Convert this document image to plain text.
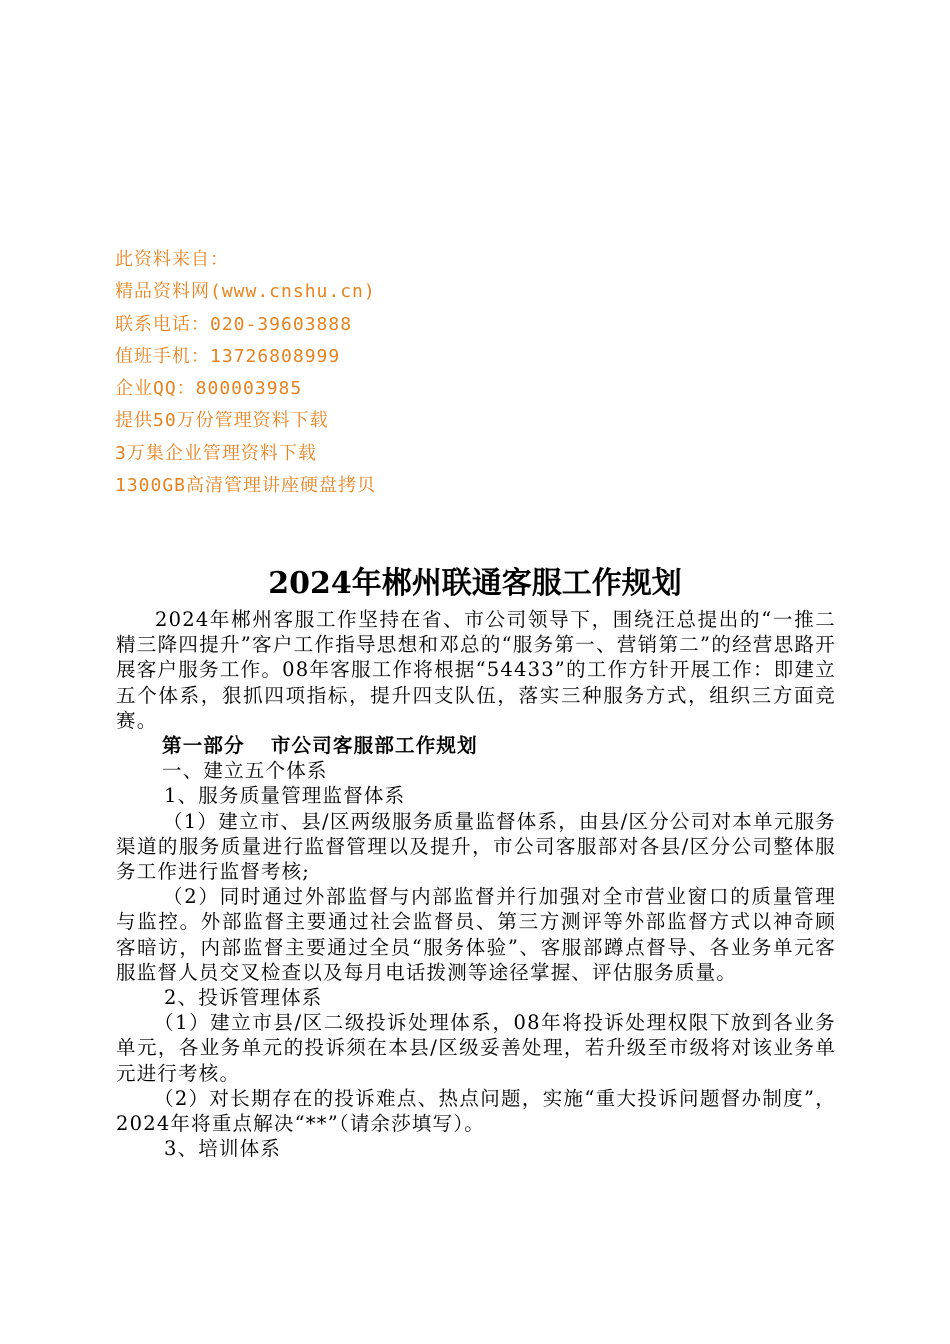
此资料来自：
精品资料网(www.cnshu.cn)
联系电话：020-39603888
值班手机：13726808999
企业QQ：800003985
提供50万份管理资料下载
3万集企业管理资料下载
1300GB高清管理讲座硬盘拷贝
2024年郴州联通客服工作规划

2024年郴州客服工作坚持在省、市公司领导下，围绕汪总提出的“一推二精三降四提升”客户工作指导思想和邓总的“服务第一、营销第二”的经营思路开展客户服务工作。08年客服工作将根据“54433”的工作方针开展工作：即建立五个体系，狠抓四项指标，提升四支队伍，落实三种服务方式，组织三方面竞赛。

第一部分 市公司客服部工作规划

一、建立五个体系

1、服务质量管理监督体系

（1）建立市、县/区两级服务质量监督体系，由县/区分公司对本单元服务渠道的服务质量进行监督管理以及提升，市公司客服部对各县/区分公司整体服务工作进行监督考核;

（2）同时通过外部监督与内部监督并行加强对全市营业窗口的质量管理与监控。外部监督主要通过社会监督员、第三方测评等外部监督方式以神奇顾客暗访，内部监督主要通过全员“服务体验”、客服部蹲点督导、各业务单元客服监督人员交叉检查以及每月电话拨测等途径掌握、评估服务质量。

2、投诉管理体系

（1）建立市县/区二级投诉处理体系，08年将投诉处理权限下放到各业务单元，各业务单元的投诉须在本县/区级妥善处理，若升级至市级将对该业务单元进行考核。

（2）对长期存在的投诉难点、热点问题，实施“重大投诉问题督办制度”，2024年将重点解决“**”（请余莎填写）。

3、培训体系
